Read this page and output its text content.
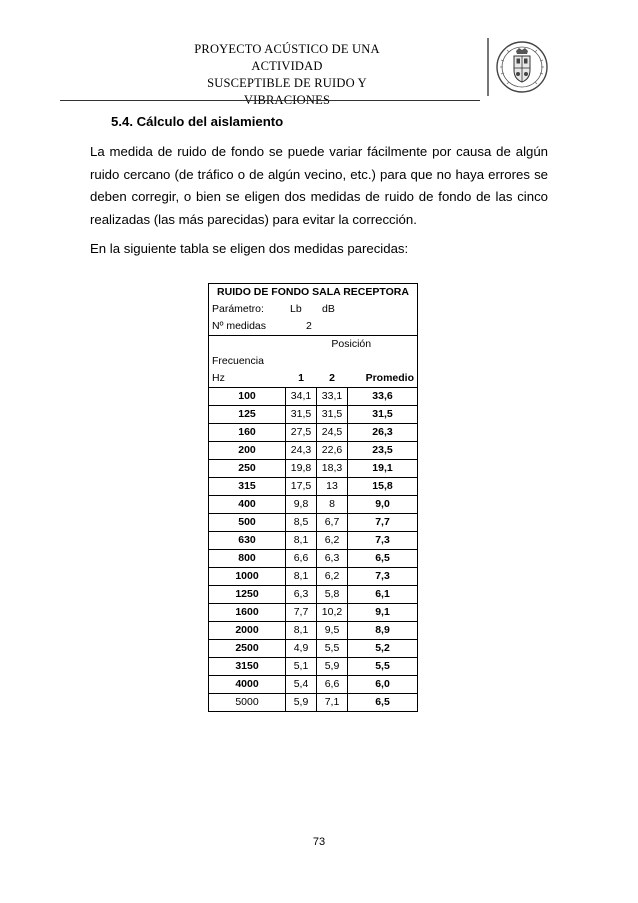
PROYECTO ACÚSTICO DE UNA ACTIVIDAD
SUSCEPTIBLE DE RUIDO Y VIBRACIONES
5.4. Cálculo del aislamiento

La medida de ruido de fondo se puede variar fácilmente por causa de algún ruido cercano (de tráfico o de algún vecino, etc.) para que no haya errores se deben corregir, o bien se eligen dos medidas de ruido de fondo de las cinco realizadas (las más parecidas) para evitar la corrección.

En la siguiente tabla se eligen dos medidas parecidas:

RUIDO DE FONDO SALA RECEPTORA			
Parámetro: Lb dB			
Nº medidas 2			
	Posición		
Frecuencia			
Hz	1	2	Promedio
100	34,1	33,1	33,6
125	31,5	31,5	31,5
160	27,5	24,5	26,3
200	24,3	22,6	23,5
250	19,8	18,3	19,1
315	17,5	13	15,8
400	9,8	8	9,0
500	8,5	6,7	7,7
630	8,1	6,2	7,3
800	6,6	6,3	6,5
1000	8,1	6,2	7,3
1250	6,3	5,8	6,1
1600	7,7	10,2	9,1
2000	8,1	9,5	8,9
2500	4,9	5,5	5,2
3150	5,1	5,9	5,5
4000	5,4	6,6	6,0
5000	5,9	7,1	6,5
73
